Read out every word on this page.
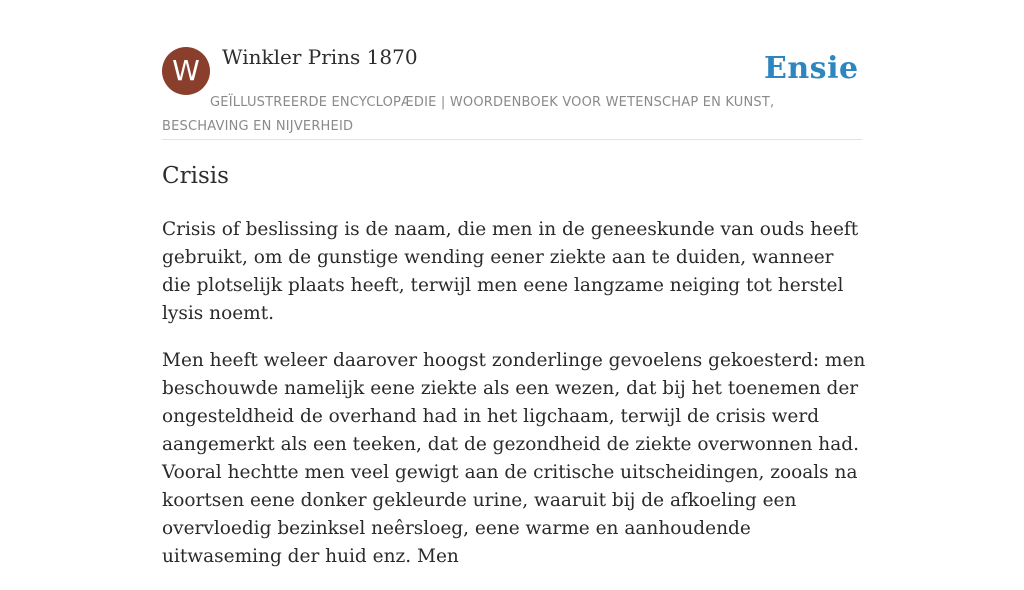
W	Winkler Prins 1870	Ensie
GEÏLLUSTREERDE ENCYCLOPÆDIE | WOORDENBOEK VOOR WETENSCHAP EN KUNST, BESCHAVING EN NIJVERHEID
Crisis

Crisis of beslissing is de naam, die men in de geneeskunde van ouds heeft gebruikt, om de gunstige wending eener ziekte aan te duiden, wanneer die plotselijk plaats heeft, terwijl men eene langzame neiging tot herstel lysis noemt.

Men heeft weleer daarover hoogst zonderlinge gevoelens gekoesterd: men beschouwde namelijk eene ziekte als een wezen, dat bij het toenemen der ongesteldheid de overhand had in het ligchaam, terwijl de crisis werd aangemerkt als een teeken, dat de gezondheid de ziekte overwonnen had. Vooral hechtte men veel gewigt aan de critische uitscheidingen, zooals na koortsen eene donker gekleurde urine, waaruit bij de afkoeling een overvloedig bezinksel neêrsloeg, eene warme en aanhoudende uitwaseming der huid enz. Men
